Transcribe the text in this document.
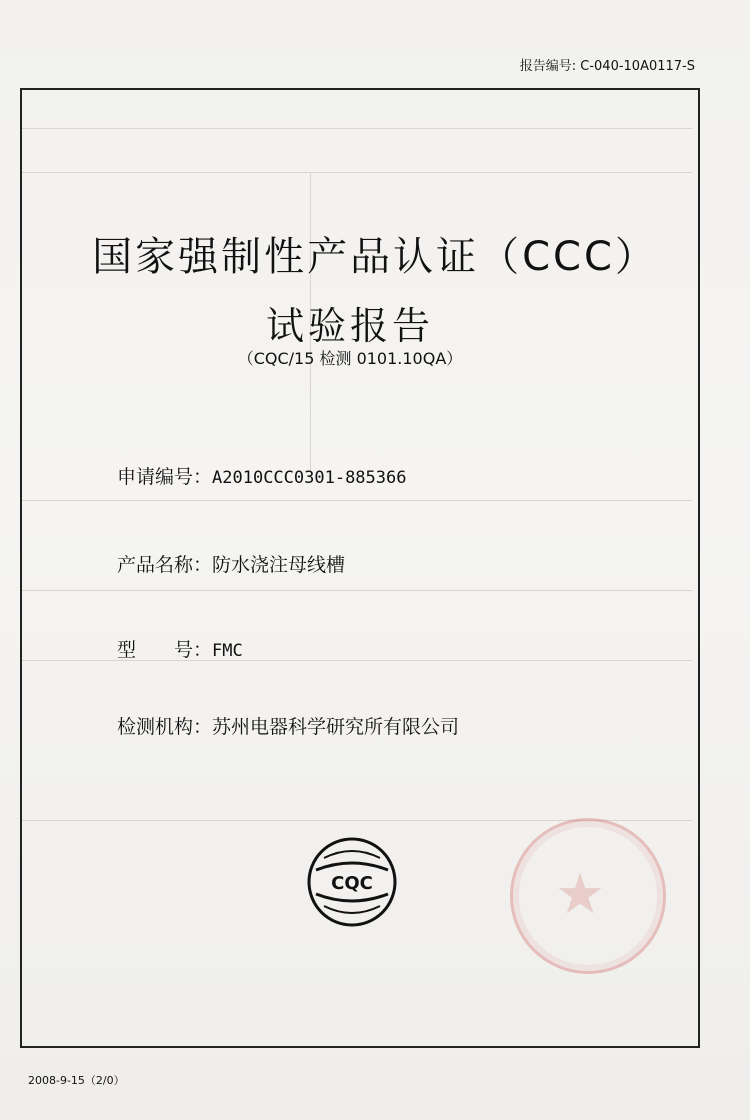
报告编号: C-040-10A0117-S
国家强制性产品认证（CCC）
试验报告
（CQC/15 检测 0101.10QA）
申请编号：A2010CCC0301-885366
产品名称：防水浇注母线槽
型　　号：FMC
检测机构：苏州电器科学研究所有限公司
CQC	★
2008-9-15（2/0）
